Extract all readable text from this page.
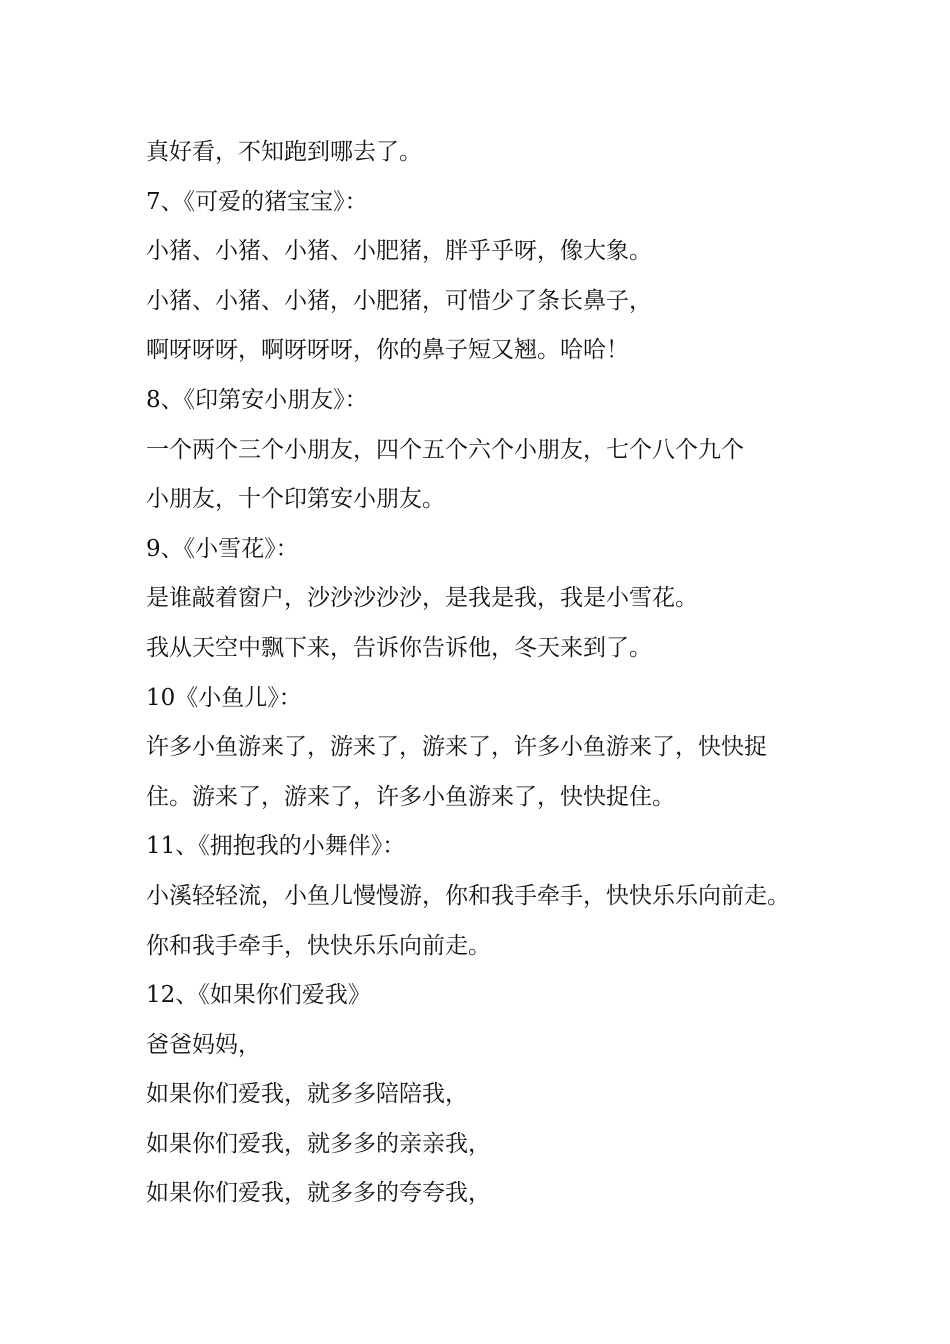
真好看，不知跑到哪去了。
7、《可爱的猪宝宝》：
小猪、小猪、小猪、小肥猪，胖乎乎呀，像大象。
小猪、小猪、小猪，小肥猪，可惜少了条长鼻子，
啊呀呀呀，啊呀呀呀，你的鼻子短又翘。哈哈！
8、《印第安小朋友》：
一个两个三个小朋友，四个五个六个小朋友，七个八个九个
小朋友，十个印第安小朋友。
9、《小雪花》：
是谁敲着窗户，沙沙沙沙沙，是我是我，我是小雪花。
我从天空中飘下来，告诉你告诉他，冬天来到了。
10《小鱼儿》：
许多小鱼游来了，游来了，游来了，许多小鱼游来了，快快捉
住。游来了，游来了，许多小鱼游来了，快快捉住。
11、《拥抱我的小舞伴》：
小溪轻轻流，小鱼儿慢慢游，你和我手牵手，快快乐乐向前走。
你和我手牵手，快快乐乐向前走。
12、《如果你们爱我》
爸爸妈妈，
如果你们爱我，就多多陪陪我，
如果你们爱我，就多多的亲亲我，
如果你们爱我，就多多的夸夸我，
